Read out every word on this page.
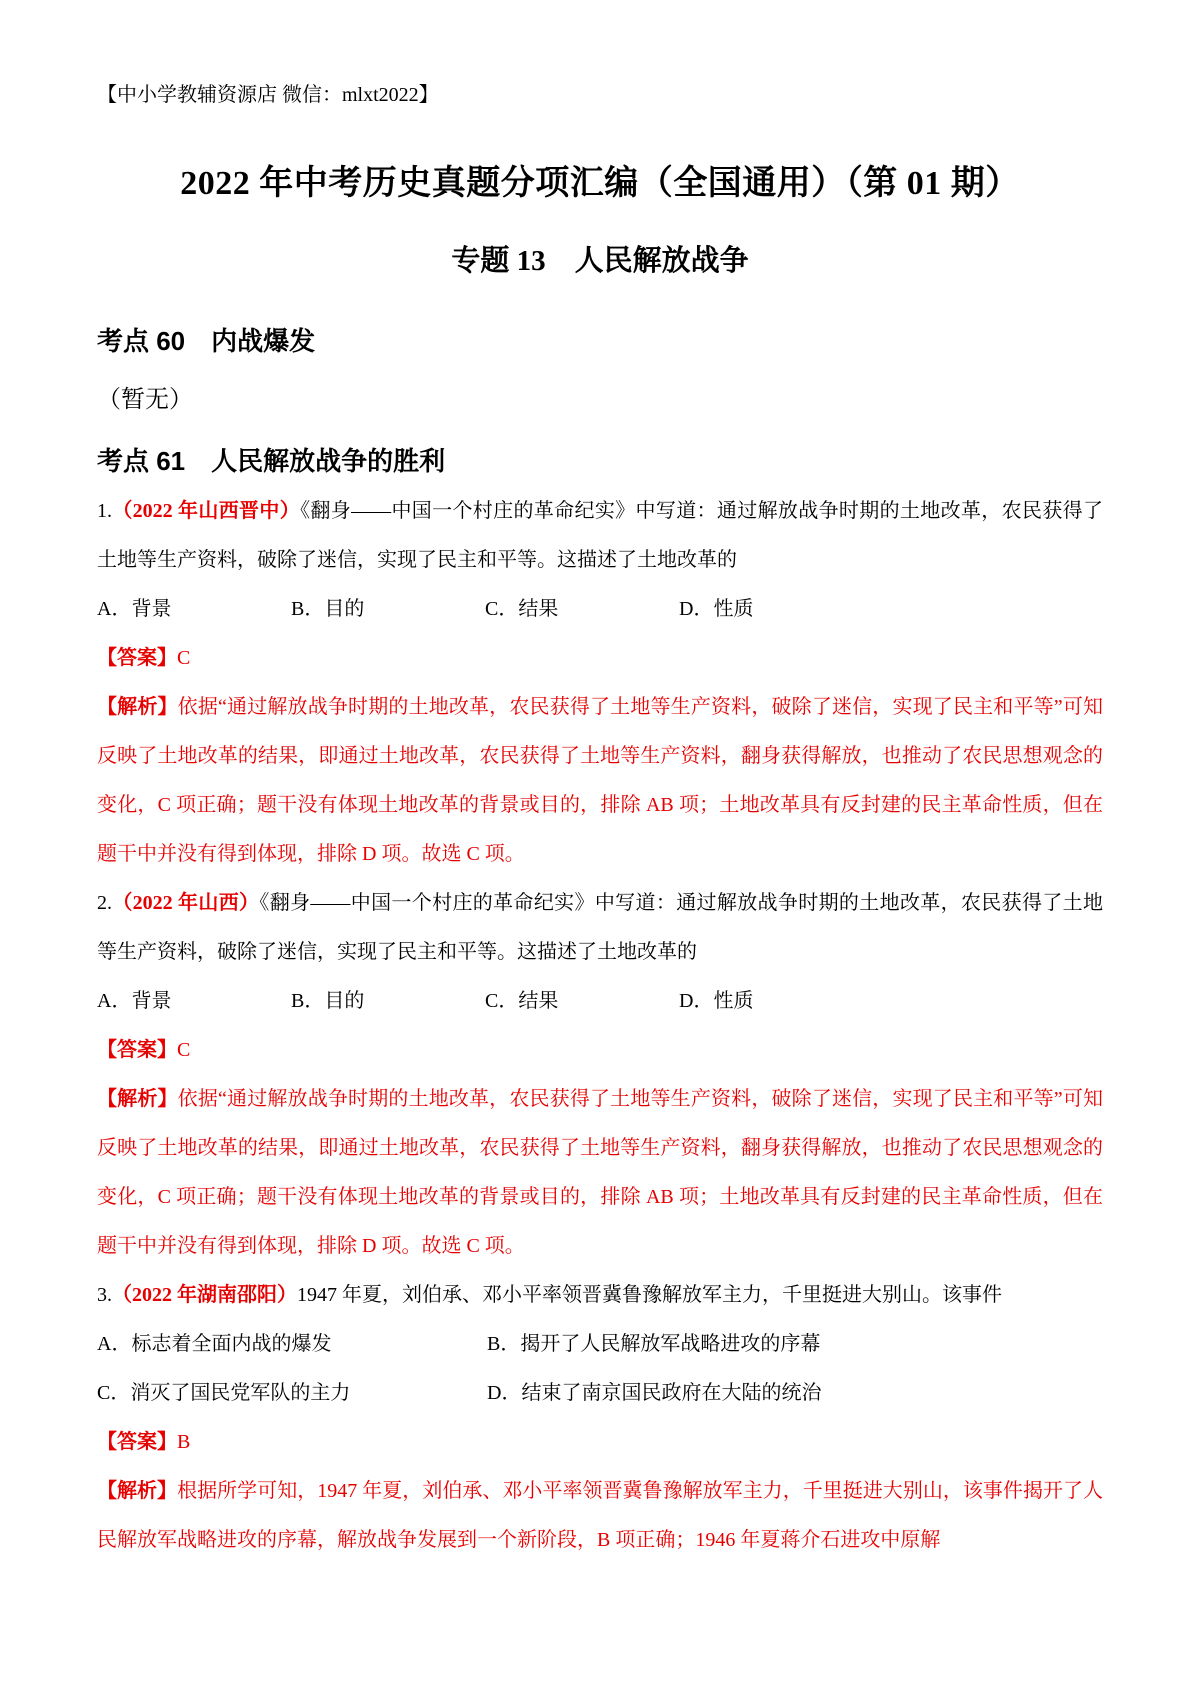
【中小学教辅资源店 微信：mlxt2022】
2022 年中考历史真题分项汇编（全国通用）（第 01 期）
专题 13　人民解放战争
考点 60　内战爆发
（暂无）
考点 61　人民解放战争的胜利

1.（2022 年山西晋中）《翻身——中国一个村庄的革命纪实》中写道：通过解放战争时期的土地改革，农民获得了土地等生产资料，破除了迷信，实现了民主和平等。这描述了土地改革的

A．背景	B．目的	C．结果	D．性质

【答案】C

【解析】依据“通过解放战争时期的土地改革，农民获得了土地等生产资料，破除了迷信，实现了民主和平等”可知反映了土地改革的结果，即通过土地改革，农民获得了土地等生产资料，翻身获得解放，也推动了农民思想观念的变化，C 项正确；题干没有体现土地改革的背景或目的，排除 AB 项；土地改革具有反封建的民主革命性质，但在题干中并没有得到体现，排除 D 项。故选 C 项。

2.（2022 年山西）《翻身——中国一个村庄的革命纪实》中写道：通过解放战争时期的土地改革，农民获得了土地等生产资料，破除了迷信，实现了民主和平等。这描述了土地改革的

A．背景	B．目的	C．结果	D．性质

【答案】C

【解析】依据“通过解放战争时期的土地改革，农民获得了土地等生产资料，破除了迷信，实现了民主和平等”可知反映了土地改革的结果，即通过土地改革，农民获得了土地等生产资料，翻身获得解放，也推动了农民思想观念的变化，C 项正确；题干没有体现土地改革的背景或目的，排除 AB 项；土地改革具有反封建的民主革命性质，但在题干中并没有得到体现，排除 D 项。故选 C 项。

3.（2022 年湖南邵阳）1947 年夏，刘伯承、邓小平率领晋冀鲁豫解放军主力，千里挺进大别山。该事件

A．标志着全面内战的爆发	B．揭开了人民解放军战略进攻的序幕

C．消灭了国民党军队的主力	D．结束了南京国民政府在大陆的统治

【答案】B

【解析】根据所学可知，1947 年夏，刘伯承、邓小平率领晋冀鲁豫解放军主力，千里挺进大别山，该事件揭开了人民解放军战略进攻的序幕，解放战争发展到一个新阶段，B 项正确；1946 年夏蒋介石进攻中原解
